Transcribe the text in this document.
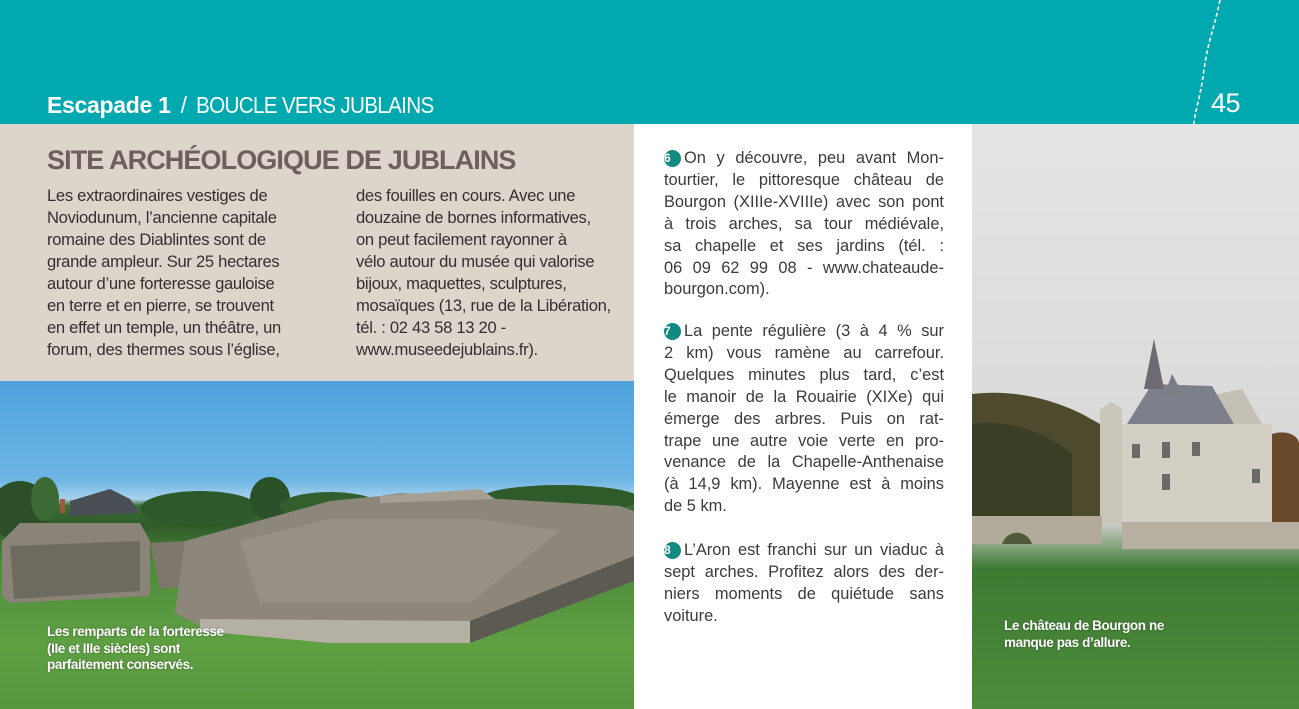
Escapade 1 / BOUCLE VERS JUBLAINS	45
SITE ARCHÉOLOGIQUE DE JUBLAINS
Les extraordinaires vestiges de
Noviodunum, l’ancienne capitale
romaine des Diablintes sont de
grande ampleur. Sur 25 hectares
autour d’une forteresse gauloise
en terre et en pierre, se trouvent
en effet un temple, un théâtre, un
forum, des thermes sous l’église,
des fouilles en cours. Avec une
douzaine de bornes informatives,
on peut facilement rayonner à
vélo autour du musée qui valorise
bijoux, maquettes, sculptures,
mosaïques (13, rue de la Libération,
tél. : 02 43 58 13 20 -
www.museedejublains.fr).
Les remparts de la forteresse
(IIe et IIIe siècles) sont
parfaitement conservés.
6 On y découvre, peu avant Mon-
tourtier, le pittoresque château de
Bourgon (XIIIe-XVIIIe) avec son pont
à trois arches, sa tour médiévale,
sa chapelle et ses jardins (tél. :
06 09 62 99 08 - www.chateaude-
bourgon.com).
7 La pente régulière (3 à 4 % sur
2 km) vous ramène au carrefour.
Quelques minutes plus tard, c’est
le manoir de la Rouairie (XIXe) qui
émerge des arbres. Puis on rat-
trape une autre voie verte en pro-
venance de la Chapelle-Anthenaise
(à 14,9 km). Mayenne est à moins
de 5 km.
8 L’Aron est franchi sur un viaduc à
sept arches. Profitez alors des der-
niers moments de quiétude sans
voiture.
Le château de Bourgon ne
manque pas d’allure.
